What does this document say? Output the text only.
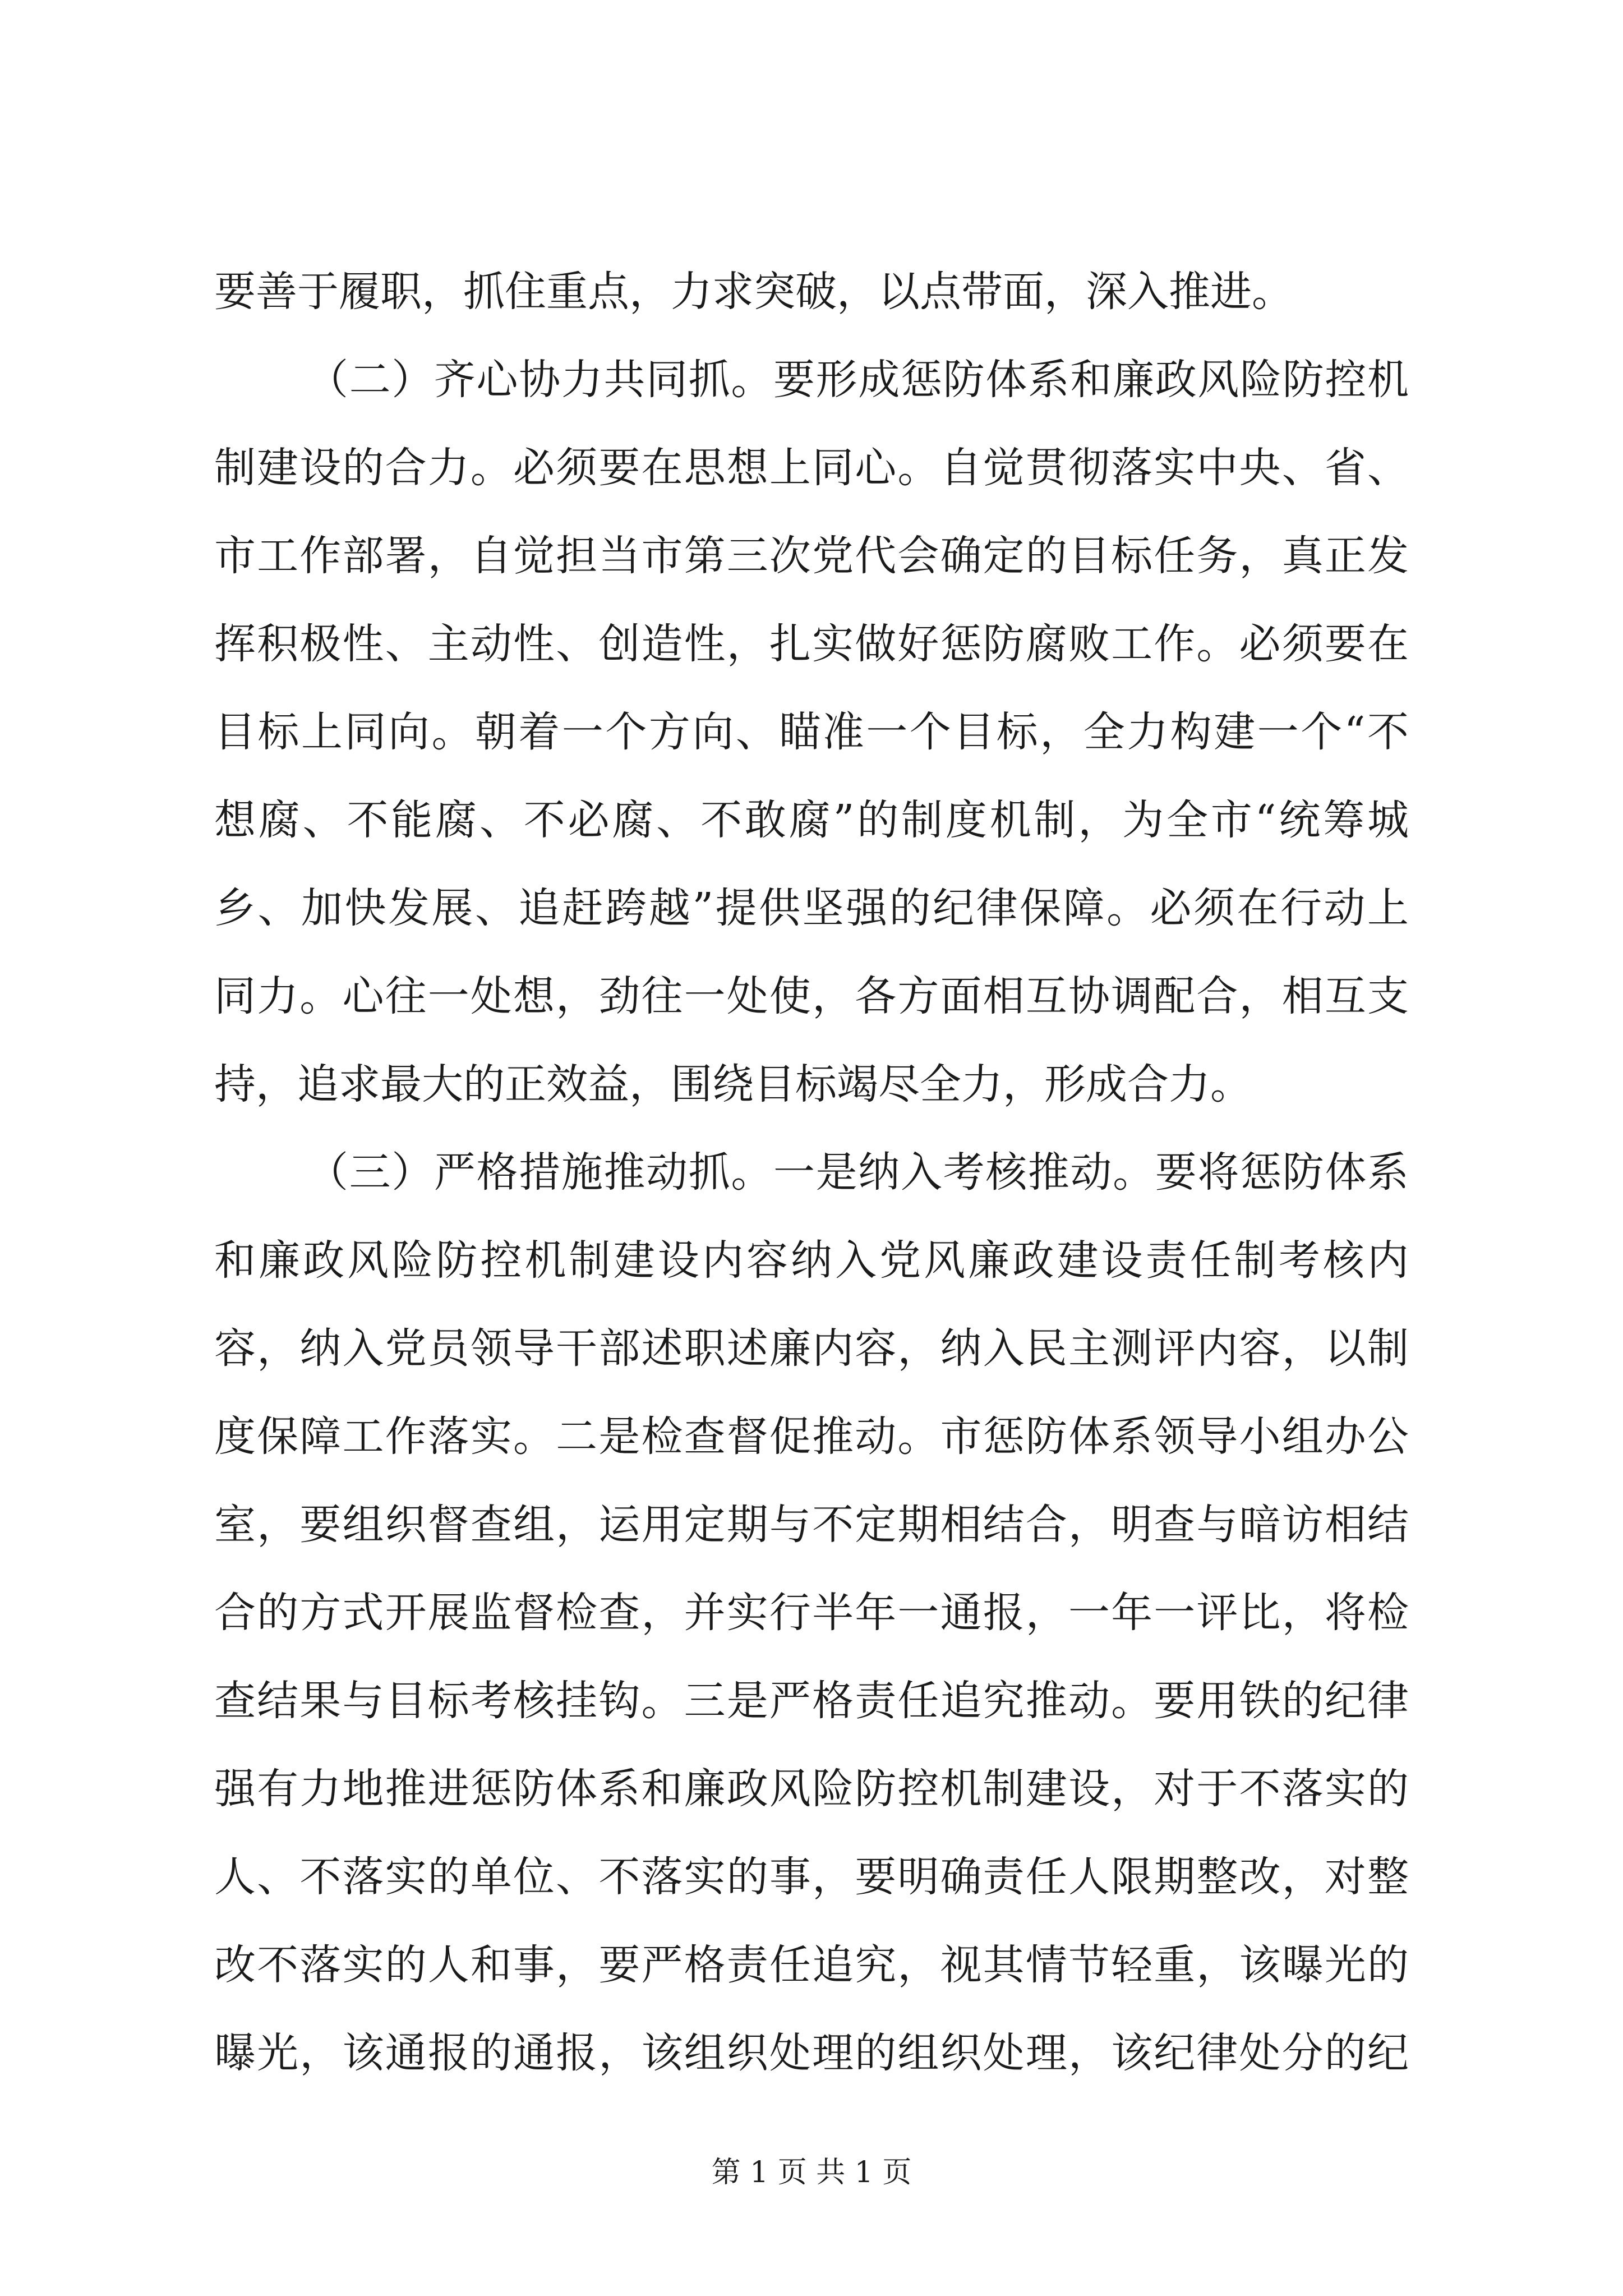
要善于履职，抓住重点，力求突破，以点带面，深入推进。
（二）齐心协力共同抓。要形成惩防体系和廉政风险防控机
制建设的合力。必须要在思想上同心。自觉贯彻落实中央、省、
市工作部署，自觉担当市第三次党代会确定的目标任务，真正发
挥积极性、主动性、创造性，扎实做好惩防腐败工作。必须要在
目标上同向。朝着一个方向、瞄准一个目标，全力构建一个“不
想腐、不能腐、不必腐、不敢腐”的制度机制，为全市“统筹城
乡、加快发展、追赶跨越”提供坚强的纪律保障。必须在行动上
同力。心往一处想，劲往一处使，各方面相互协调配合，相互支
持，追求最大的正效益，围绕目标竭尽全力，形成合力。
（三）严格措施推动抓。一是纳入考核推动。要将惩防体系
和廉政风险防控机制建设内容纳入党风廉政建设责任制考核内
容，纳入党员领导干部述职述廉内容，纳入民主测评内容，以制
度保障工作落实。二是检查督促推动。市惩防体系领导小组办公
室，要组织督查组，运用定期与不定期相结合，明查与暗访相结
合的方式开展监督检查，并实行半年一通报，一年一评比，将检
查结果与目标考核挂钩。三是严格责任追究推动。要用铁的纪律
强有力地推进惩防体系和廉政风险防控机制建设，对于不落实的
人、不落实的单位、不落实的事，要明确责任人限期整改，对整
改不落实的人和事，要严格责任追究，视其情节轻重，该曝光的
曝光，该通报的通报，该组织处理的组织处理，该纪律处分的纪
第 1 页 共 1 页
